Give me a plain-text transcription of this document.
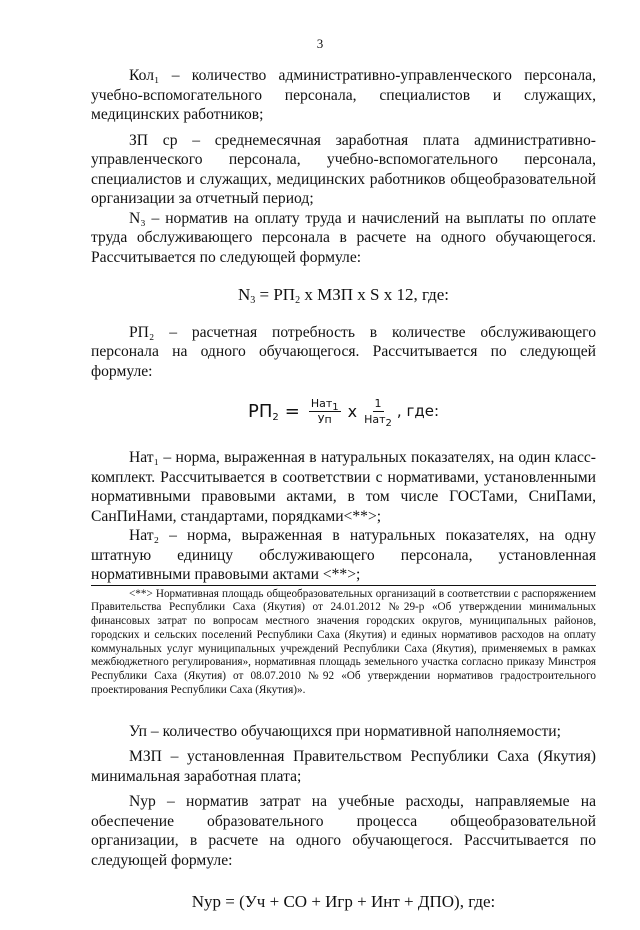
3

Кол₁ – количество административно-управленческого персонала, учебно-вспомогательного персонала, специалистов и служащих, медицинских работников;

ЗП ср – среднемесячная заработная плата административно-управленческого персонала, учебно-вспомогательного персонала, специалистов и служащих, медицинских работников общеобразовательной организации за отчетный период;

N₃ – норматив на оплату труда и начислений на выплаты по оплате труда обслуживающего персонала в расчете на одного обучающегося. Рассчитывается по следующей формуле:

$N_3 = РП_2$ х МЗП х S х 12, где:

РП₂ – расчетная потребность в количестве обслуживающего персонала на одного обучающегося. Рассчитывается по следующей формуле:

$РП_2 = \frac{\text{Нат1}}{Уп}$ х $\frac{1}{\text{Нат2}}$ , где:

Нат₁ – норма, выраженная в натуральных показателях, на один класс-комплект. Рассчитывается в соответствии с нормативами, установленными нормативными правовыми актами, в том числе ГОСТами, СниПами, СанПиНами, стандартами, порядками<**>;

Нат₂ – норма, выраженная в натуральных показателях, на одну штатную единицу обслуживающего персонала, установленная нормативными правовыми актами <**>;

<**> Нормативная площадь общеобразовательных организаций в соответствии с распоряжением Правительства Республики Саха (Якутия) от 24.01.2012 №29-р «Об утверждении минимальных финансовых затрат по вопросам местного значения городских округов, муниципальных районов, городских и сельских поселений Республики Саха (Якутия) и единых нормативов расходов на оплату коммунальных услуг муниципальных учреждений Республики Саха (Якутия), применяемых в рамках межбюджетного регулирования», нормативная площадь земельного участка согласно приказу Минстроя Республики Саха (Якутия) от 08.07.2010 №92 «Об утверждении нормативов градостроительного проектирования Республики Саха (Якутия)».

Уп – количество обучающихся при нормативной наполняемости;

МЗП – установленная Правительством Республики Саха (Якутия) минимальная заработная плата;

Nур – норматив затрат на учебные расходы, направляемые на обеспечение образовательного процесса общеобразовательной организации, в расчете на одного обучающегося. Рассчитывается по следующей формуле:

Nур = (Уч + СО + Игр + Инт + ДПО), где:
